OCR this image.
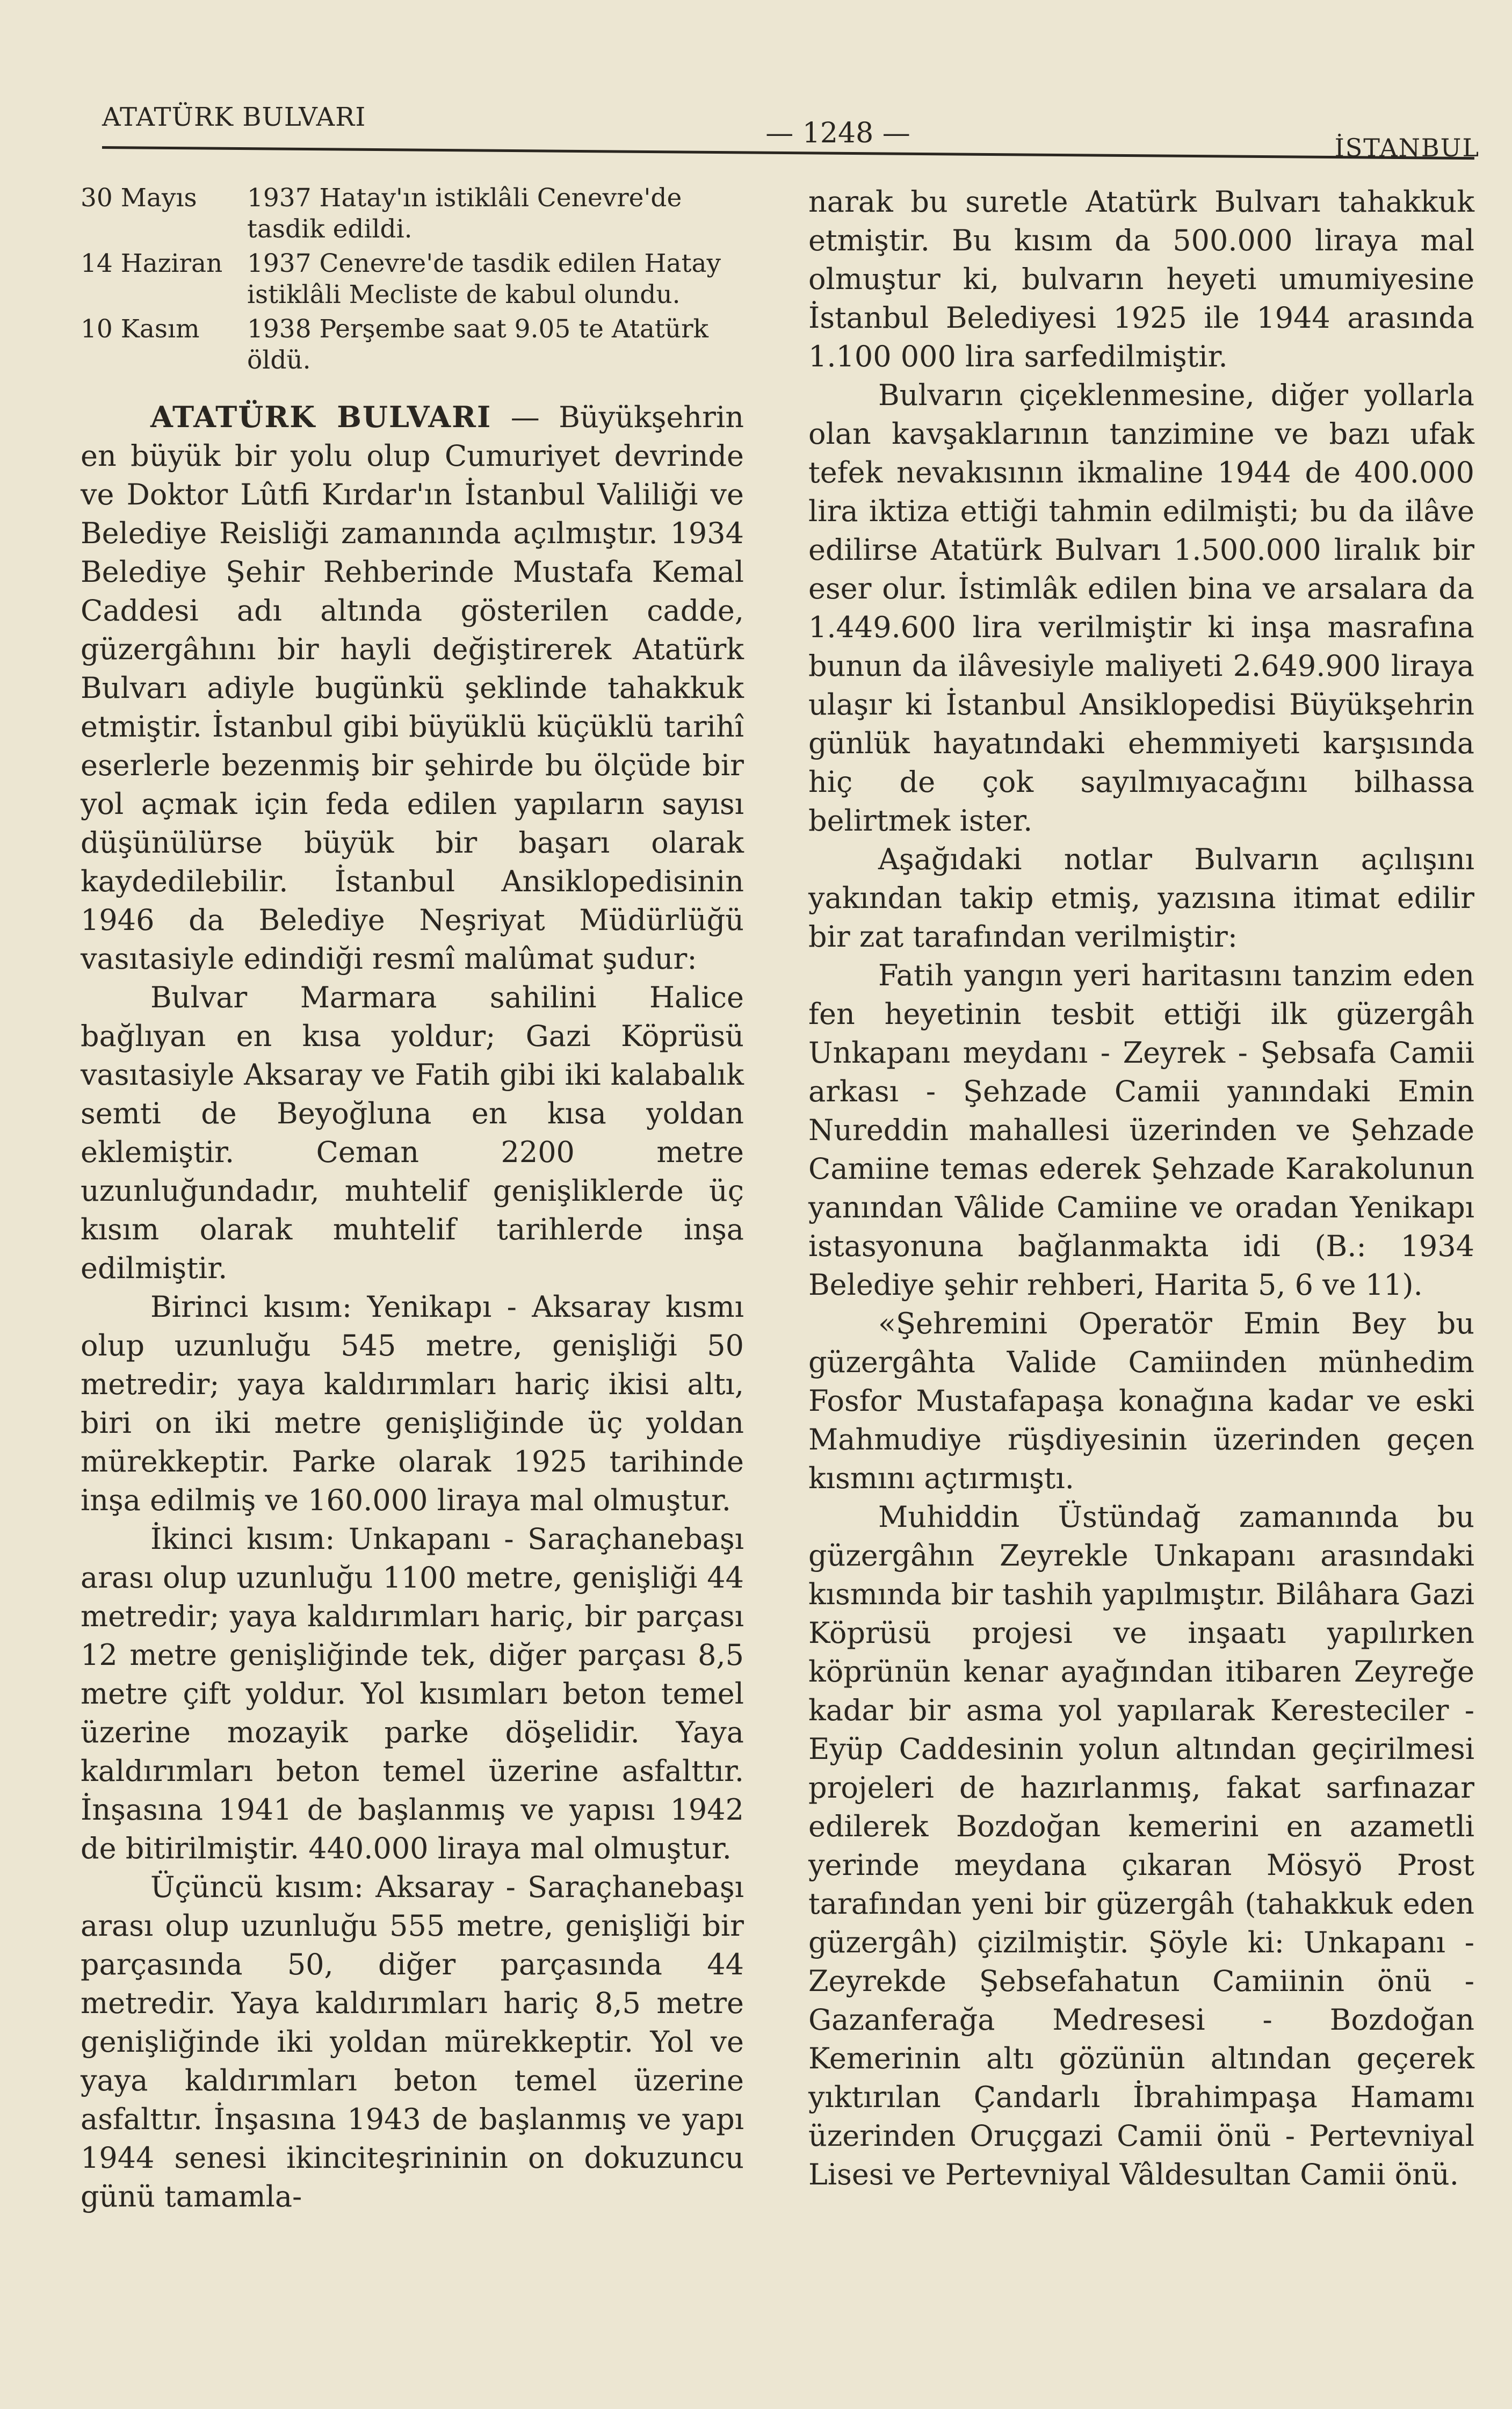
ATATÜRK BULVARI	— 1248 —	İSTANBUL
30 Mayıs	1937 Hatay'ın istiklâli Cenevre'de tasdik edildi.
14 Haziran	1937 Cenevre'de tasdik edilen Hatay istiklâli Mecliste de kabul olundu.
10 Kasım	1938 Perşembe saat 9.05 te Atatürk öldü.

ATATÜRK BULVARI — Büyükşehrin en büyük bir yolu olup Cumuriyet devrinde ve Doktor Lûtfi Kırdar'ın İstanbul Valiliği ve Belediye Reisliği zamanında açılmıştır. 1934 Belediye Şehir Rehberinde Mustafa Kemal Caddesi adı altında gösterilen cadde, güzergâhını bir hayli değiştirerek Atatürk Bulvarı adiyle bugünkü şeklinde tahakkuk etmiştir. İstanbul gibi büyüklü küçüklü tarihî eserlerle bezenmiş bir şehirde bu ölçüde bir yol açmak için feda edilen yapıların sayısı düşünülürse büyük bir başarı olarak kaydedilebilir. İstanbul Ansiklopedisinin 1946 da Belediye Neşriyat Müdürlüğü vasıtasiyle edindiği resmî malûmat şudur:

Bulvar Marmara sahilini Halice bağlıyan en kısa yoldur; Gazi Köprüsü vasıtasiyle Aksaray ve Fatih gibi iki kalabalık semti de Beyoğluna en kısa yoldan eklemiştir. Ceman 2200 metre uzunluğundadır, muhtelif genişliklerde üç kısım olarak muhtelif tarihlerde inşa edilmiştir.

Birinci kısım: Yenikapı - Aksaray kısmı olup uzunluğu 545 metre, genişliği 50 metredir; yaya kaldırımları hariç ikisi altı, biri on iki metre genişliğinde üç yoldan mürekkeptir. Parke olarak 1925 tarihinde inşa edilmiş ve 160.000 liraya mal olmuştur.

İkinci kısım: Unkapanı - Saraçhanebaşı arası olup uzunluğu 1100 metre, genişliği 44 metredir; yaya kaldırımları hariç, bir parçası 12 metre genişliğinde tek, diğer parçası 8,5 metre çift yoldur. Yol kısımları beton temel üzerine mozayik parke döşelidir. Yaya kaldırımları beton temel üzerine asfalttır. İnşasına 1941 de başlanmış ve yapısı 1942 de bitirilmiştir. 440.000 liraya mal olmuştur.

Üçüncü kısım: Aksaray - Saraçhanebaşı arası olup uzunluğu 555 metre, genişliği bir parçasında 50, diğer parçasında 44 metredir. Yaya kaldırımları hariç 8,5 metre genişliğinde iki yoldan mürekkeptir. Yol ve yaya kaldırımları beton temel üzerine asfalttır. İnşasına 1943 de başlanmış ve yapı 1944 senesi ikinciteşrininin on dokuzuncu günü tamamla-

narak bu suretle Atatürk Bulvarı tahakkuk etmiştir. Bu kısım da 500.000 liraya mal olmuştur ki, bulvarın heyeti umumiyesine İstanbul Belediyesi 1925 ile 1944 arasında 1.100 000 lira sarfedilmiştir.

Bulvarın çiçeklenmesine, diğer yollarla olan kavşaklarının tanzimine ve bazı ufak tefek nevakısının ikmaline 1944 de 400.000 lira iktiza ettiği tahmin edilmişti; bu da ilâve edilirse Atatürk Bulvarı 1.500.000 liralık bir eser olur. İstimlâk edilen bina ve arsalara da 1.449.600 lira verilmiştir ki inşa masrafına bunun da ilâvesiyle maliyeti 2.649.900 liraya ulaşır ki İstanbul Ansiklopedisi Büyükşehrin günlük hayatındaki ehemmiyeti karşısında hiç de çok sayılmıyacağını bilhassa belirtmek ister.

Aşağıdaki notlar Bulvarın açılışını yakından takip etmiş, yazısına itimat edilir bir zat tarafından verilmiştir:

Fatih yangın yeri haritasını tanzim eden fen heyetinin tesbit ettiği ilk güzergâh Unkapanı meydanı - Zeyrek - Şebsafa Camii arkası - Şehzade Camii yanındaki Emin Nureddin mahallesi üzerinden ve Şehzade Camiine temas ederek Şehzade Karakolunun yanından Vâlide Camiine ve oradan Yenikapı istasyonuna bağlanmakta idi (B.: 1934 Belediye şehir rehberi, Harita 5, 6 ve 11).

«Şehremini Operatör Emin Bey bu güzergâhta Valide Camiinden münhedim Fosfor Mustafapaşa konağına kadar ve eski Mahmudiye rüşdiyesinin üzerinden geçen kısmını açtırmıştı.

Muhiddin Üstündağ zamanında bu güzergâhın Zeyrekle Unkapanı arasındaki kısmında bir tashih yapılmıştır. Bilâhara Gazi Köprüsü projesi ve inşaatı yapılırken köprünün kenar ayağından itibaren Zeyreğe kadar bir asma yol yapılarak Keresteciler - Eyüp Caddesinin yolun altından geçirilmesi projeleri de hazırlanmış, fakat sarfınazar edilerek Bozdoğan kemerini en azametli yerinde meydana çıkaran Mösyö Prost tarafından yeni bir güzergâh (tahakkuk eden güzergâh) çizilmiştir. Şöyle ki: Unkapanı - Zeyrekde Şebsefahatun Camiinin önü - Gazanferağa Medresesi - Bozdoğan Kemerinin altı gözünün altından geçerek yıktırılan Çandarlı İbrahimpaşa Hamamı üzerinden Oruçgazi Camii önü - Pertevniyal Lisesi ve Pertevniyal Vâldesultan Camii önü.
